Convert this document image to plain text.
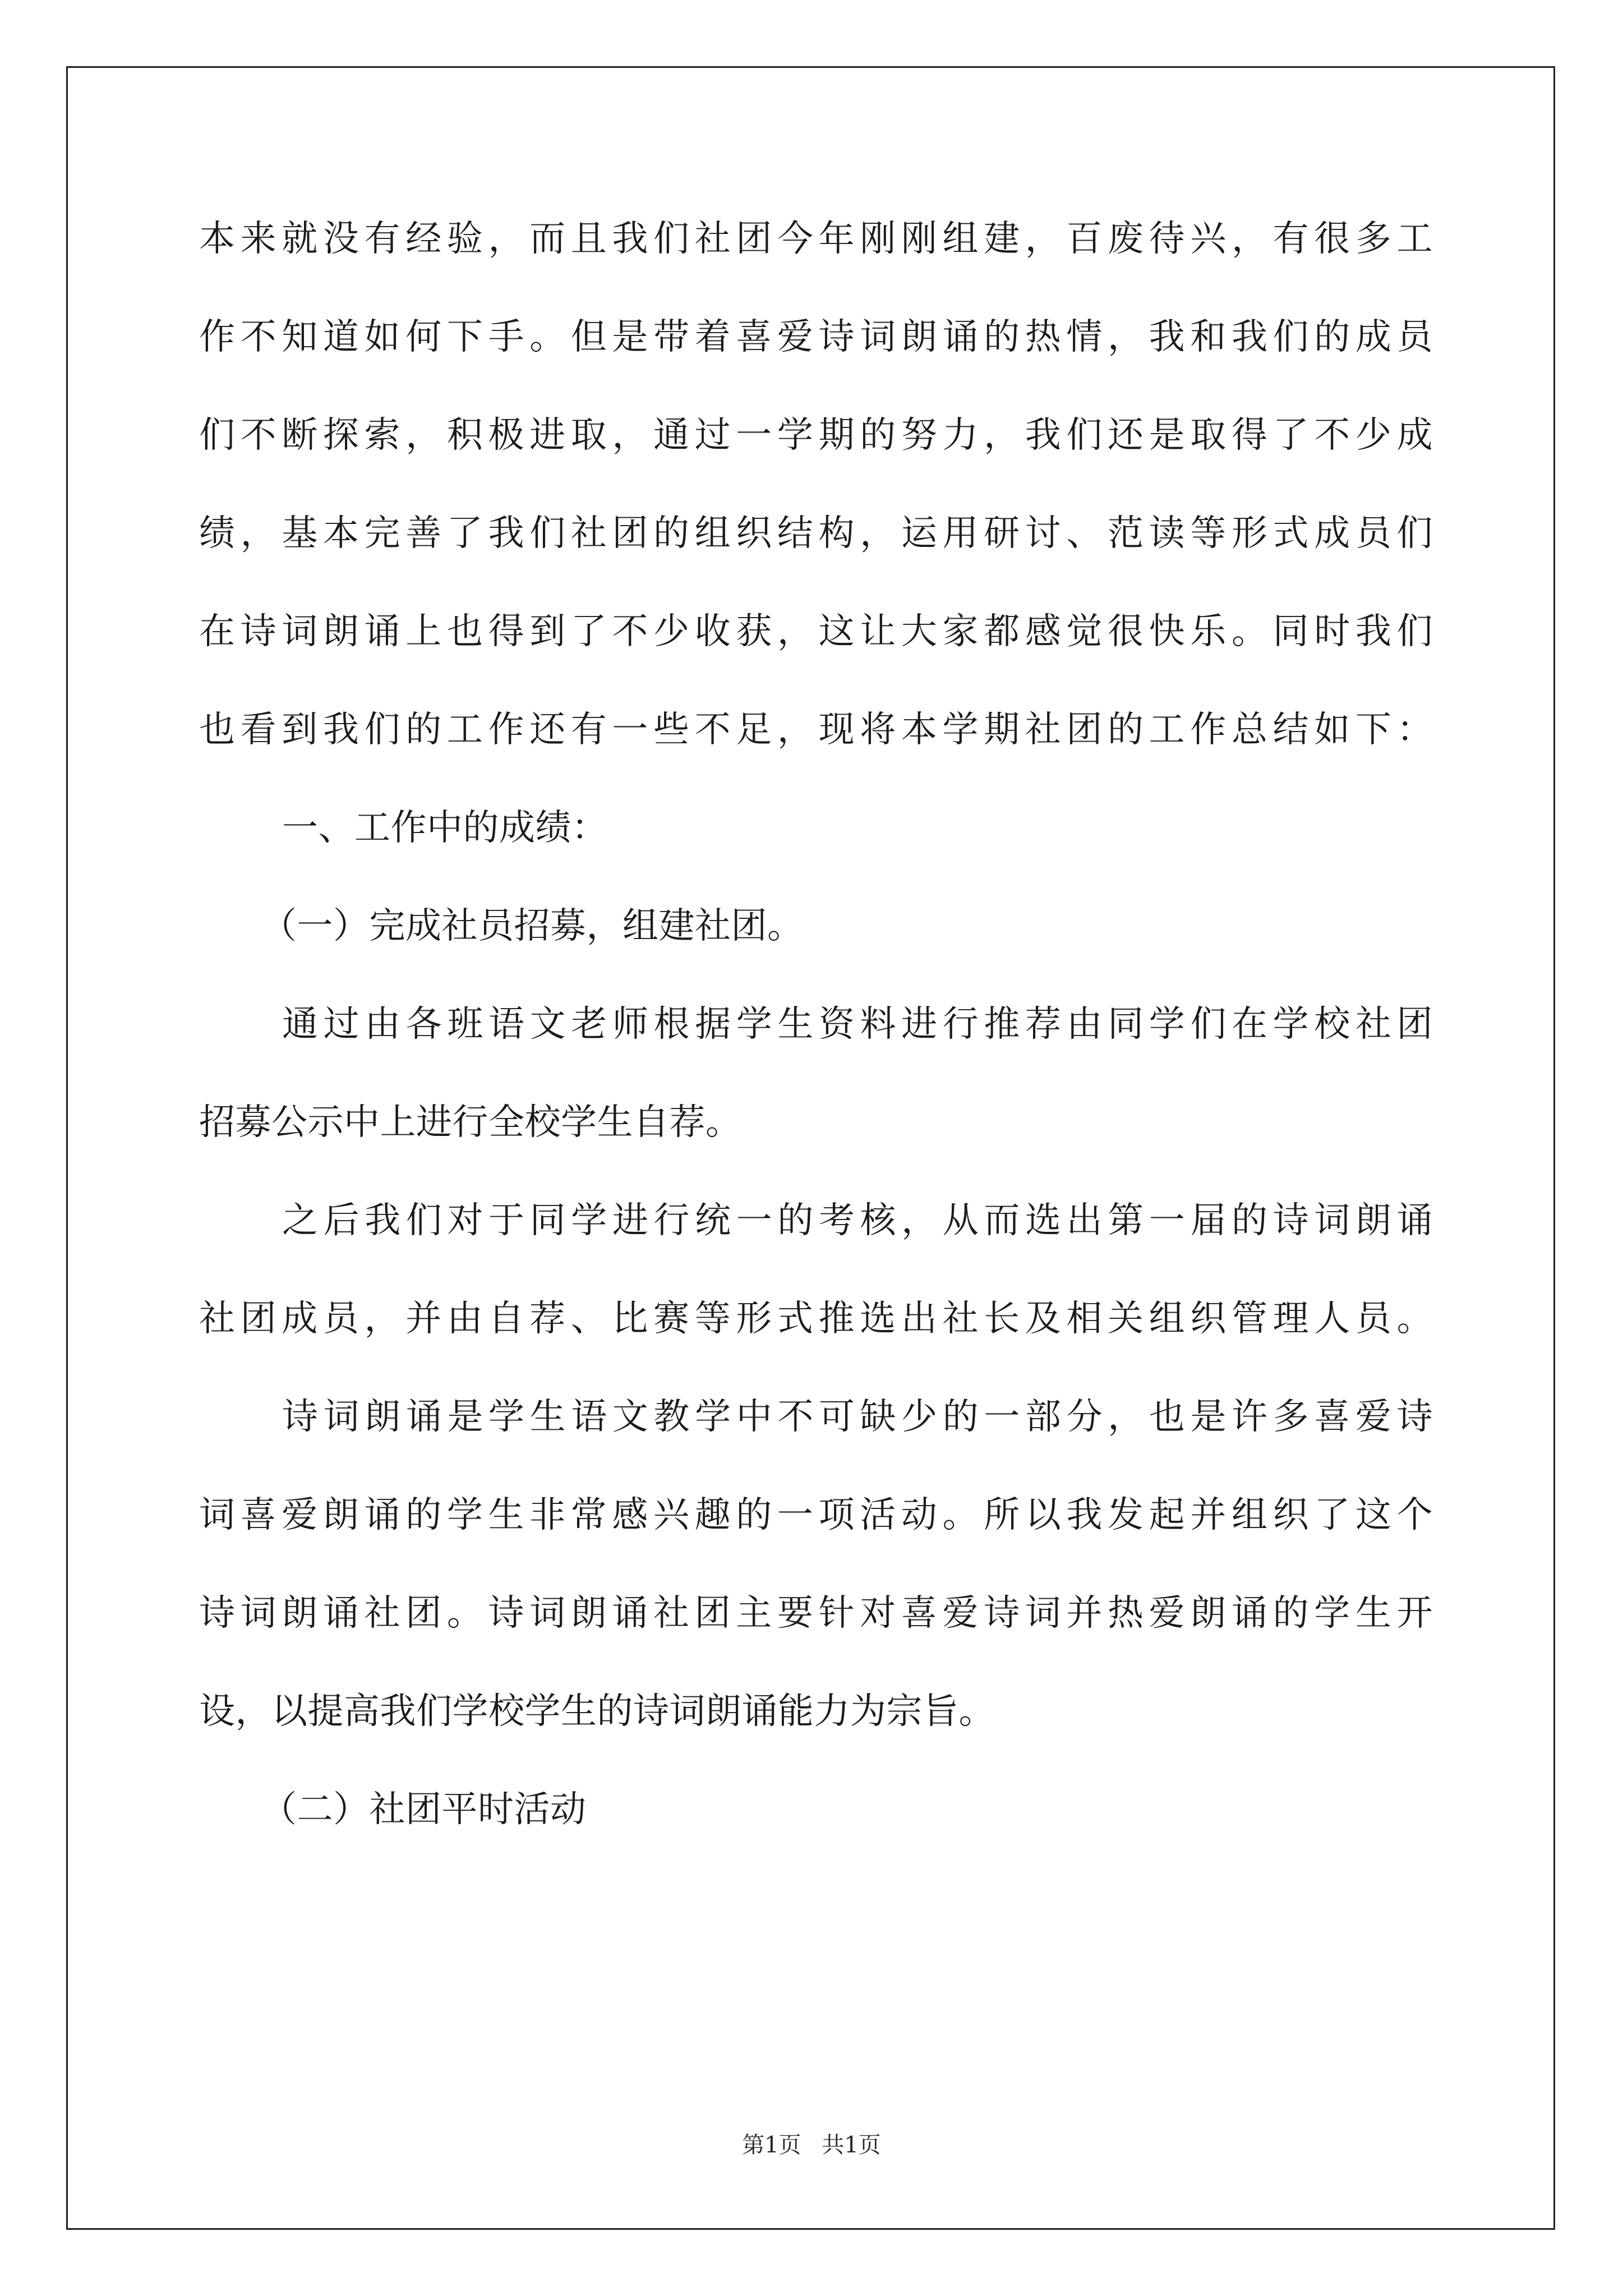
本来就没有经验，而且我们社团今年刚刚组建，百废待兴，有很多工

作不知道如何下手。但是带着喜爱诗词朗诵的热情，我和我们的成员

们不断探索，积极进取，通过一学期的努力，我们还是取得了不少成

绩，基本完善了我们社团的组织结构，运用研讨、范读等形式成员们

在诗词朗诵上也得到了不少收获，这让大家都感觉很快乐。同时我们

也看到我们的工作还有一些不足，现将本学期社团的工作总结如下：

一、工作中的成绩：

（一）完成社员招募，组建社团。

通过由各班语文老师根据学生资料进行推荐由同学们在学校社团

招募公示中上进行全校学生自荐。

之后我们对于同学进行统一的考核，从而选出第一届的诗词朗诵

社团成员，并由自荐、比赛等形式推选出社长及相关组织管理人员。

诗词朗诵是学生语文教学中不可缺少的一部分，也是许多喜爱诗

词喜爱朗诵的学生非常感兴趣的一项活动。所以我发起并组织了这个

诗词朗诵社团。诗词朗诵社团主要针对喜爱诗词并热爱朗诵的学生开

设，以提高我们学校学生的诗词朗诵能力为宗旨。

（二）社团平时活动

第1页 共1页
